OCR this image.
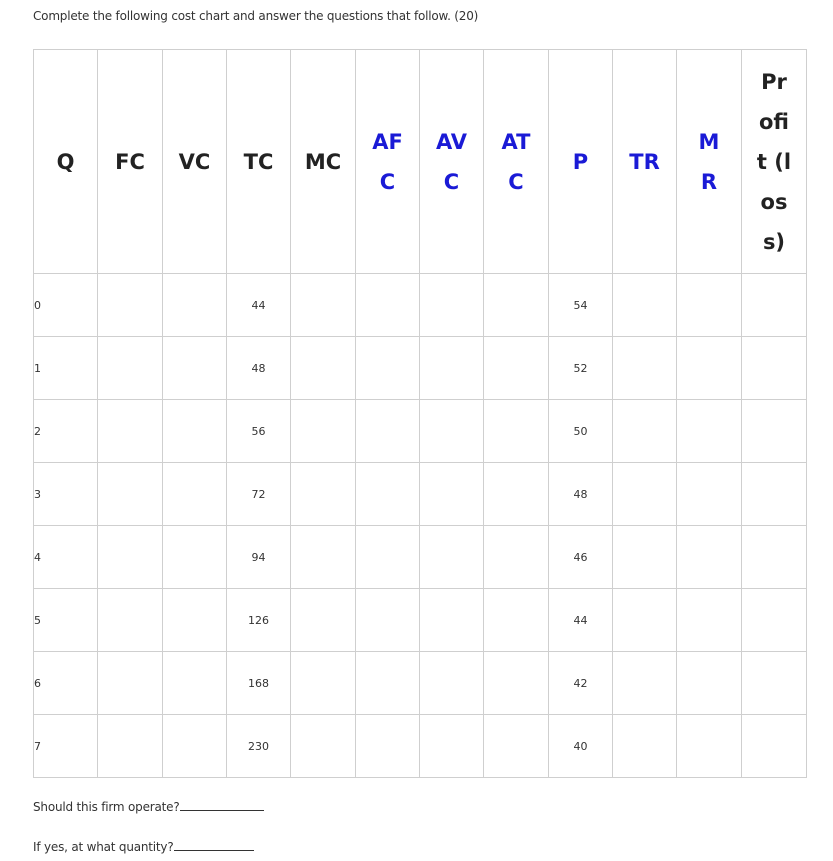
Complete the following cost chart and answer the questions that follow. (20)
Q	FC	VC	TC	MC	AFC	AVC	ATC	P	TR	MR	Profit (loss)
0			44					54			
1			48					52			
2			56					50			
3			72					48			
4			94					46			
5			126					44			
6			168					42			
7			230					40			
Should this firm operate?
If yes, at what quantity?
